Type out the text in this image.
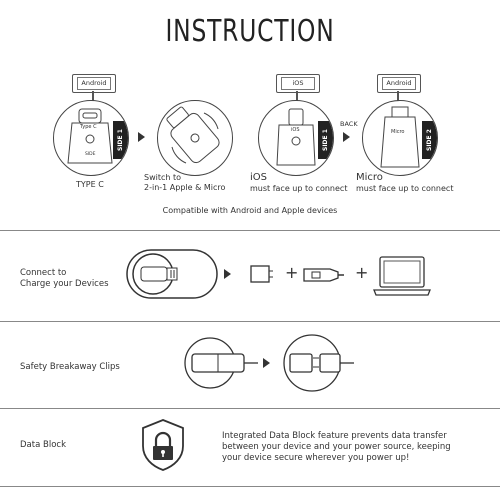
INSTRUCTION
Android	iOS	Android
Type C
SIDE
SIDE 1	iOS	SIDE 1
BACK
Micro	SIDE 2
TYPE C
Switch to
2-in-1 Apple & Micro
iOS
must face up to connect
Micro
must face up to connect
Compatible with Android and Apple devices
Connect to
Charge your Devices
+	+
Safety Breakaway Clips
Data Block
Integrated Data Block feature prevents data transfer
between your device and your power source, keeping
your device secure wherever you power up!
